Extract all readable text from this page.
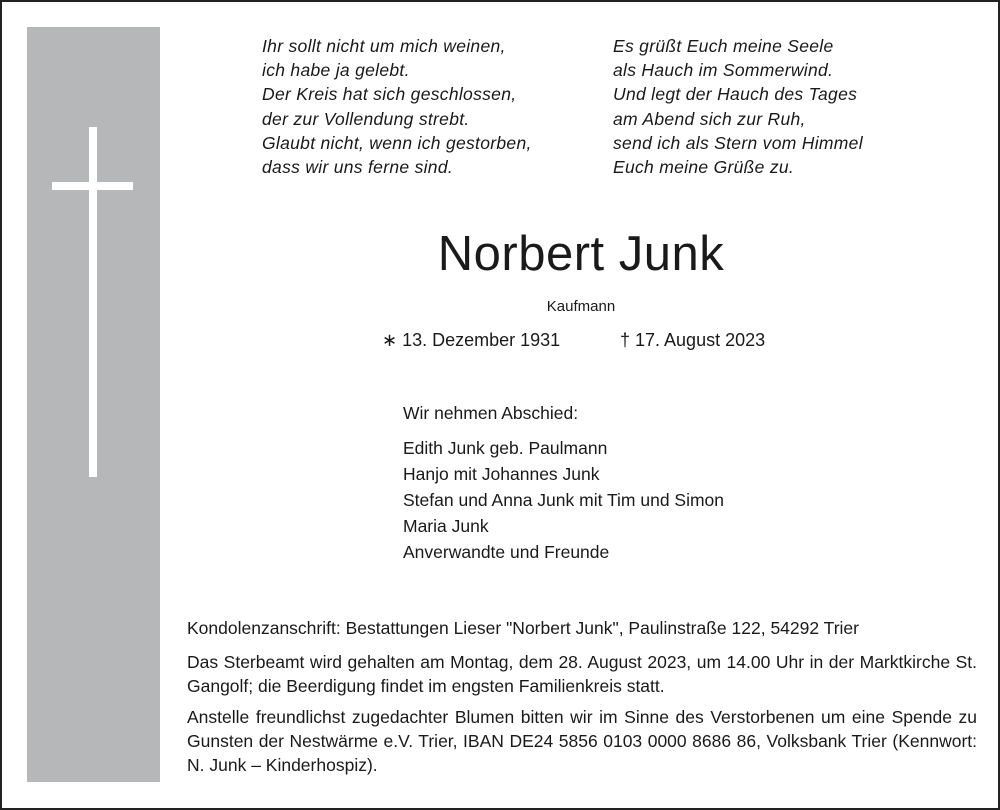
Ihr sollt nicht um mich weinen,
ich habe ja gelebt.
Der Kreis hat sich geschlossen,
der zur Vollendung strebt.
Glaubt nicht, wenn ich gestorben,
dass wir uns ferne sind.
Es grüßt Euch meine Seele
als Hauch im Sommerwind.
Und legt der Hauch des Tages
am Abend sich zur Ruh,
send ich als Stern vom Himmel
Euch meine Grüße zu.
Norbert Junk
Kaufmann
∗ 13. Dezember 1931	† 17. August 2023
Wir nehmen Abschied:
Edith Junk geb. Paulmann
Hanjo mit Johannes Junk
Stefan und Anna Junk mit Tim und Simon
Maria Junk
Anverwandte und Freunde

Kondolenzanschrift: Bestattungen Lieser "Norbert Junk", Paulinstraße 122, 54292 Trier

Das Sterbeamt wird gehalten am Montag, dem 28. August 2023, um 14.00 Uhr in der Marktkirche St. Gangolf; die Beerdigung findet im engsten Familienkreis statt.

Anstelle freundlichst zugedachter Blumen bitten wir im Sinne des Verstorbenen um eine Spende zu Gunsten der Nestwärme e.V. Trier, IBAN DE24 5856 0103 0000 8686 86, Volksbank Trier (Kennwort: N. Junk – Kinderhospiz).
